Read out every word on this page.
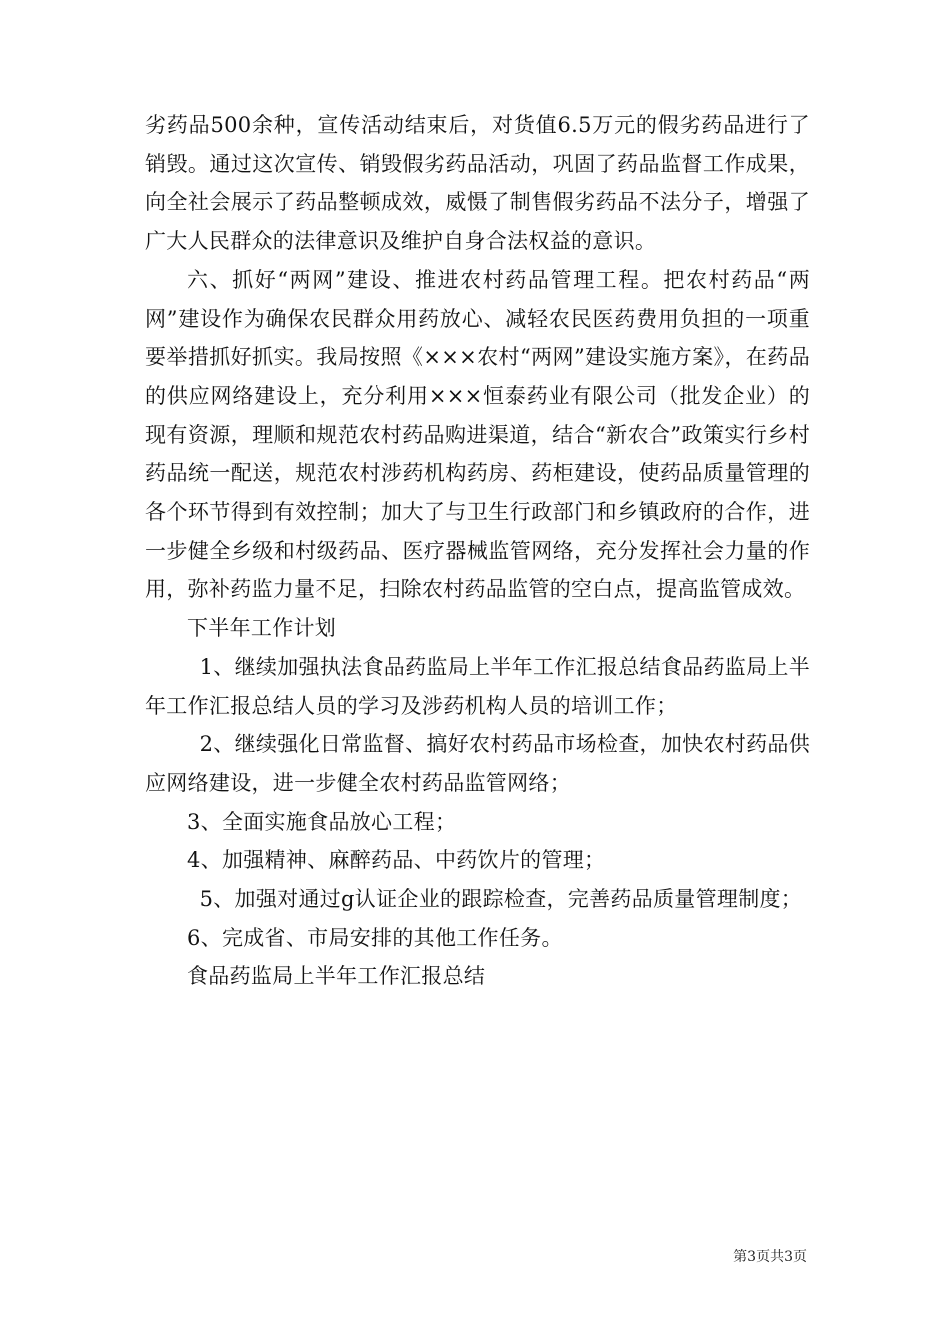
劣药品500余种，宣传活动结束后，对货值6.5万元的假劣药品进行了销毁。通过这次宣传、销毁假劣药品活动，巩固了药品监督工作成果，向全社会展示了药品整顿成效，威慑了制售假劣药品不法分子，增强了广大人民群众的法律意识及维护自身合法权益的意识。

六、抓好“两网”建设、推进农村药品管理工程。把农村药品“两网”建设作为确保农民群众用药放心、减轻农民医药费用负担的一项重要举措抓好抓实。我局按照《×××农村“两网”建设实施方案》，在药品的供应网络建设上，充分利用×××恒泰药业有限公司（批发企业）的现有资源，理顺和规范农村药品购进渠道，结合“新农合”政策实行乡村药品统一配送，规范农村涉药机构药房、药柜建设，使药品质量管理的各个环节得到有效控制；加大了与卫生行政部门和乡镇政府的合作，进一步健全乡级和村级药品、医疗器械监管网络，充分发挥社会力量的作用，弥补药监力量不足，扫除农村药品监管的空白点，提高监管成效。

下半年工作计划

1、继续加强执法食品药监局上半年工作汇报总结食品药监局上半年工作汇报总结人员的学习及涉药机构人员的培训工作；

2、继续强化日常监督、搞好农村药品市场检查，加快农村药品供应网络建设，进一步健全农村药品监管网络；

3、全面实施食品放心工程；

4、加强精神、麻醉药品、中药饮片的管理；

5、加强对通过g认证企业的跟踪检查，完善药品质量管理制度；

6、完成省、市局安排的其他工作任务。

食品药监局上半年工作汇报总结

第3页共3页
